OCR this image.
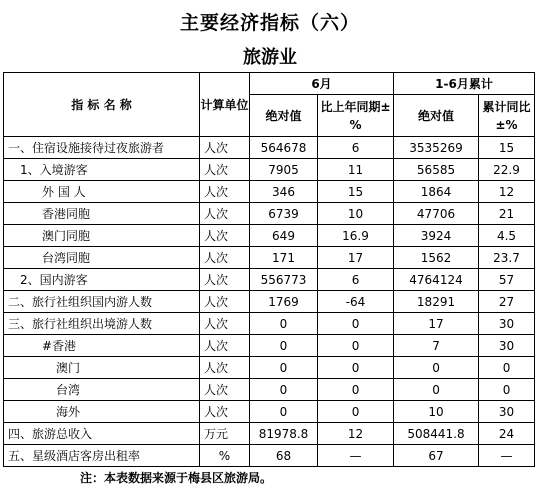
主要经济指标（六）
旅游业
指 标 名 称	计算单位	6月		1-6月累计	
		绝对值	比上年同期±%	绝对值	累计同比±%
一、住宿设施接待过夜旅游者	人次	564678	6	3535269	15
1、入境游客	人次	7905	11	56585	22.9
外 国 人	人次	346	15	1864	12
香港同胞	人次	6739	10	47706	21
澳门同胞	人次	649	16.9	3924	4.5
台湾同胞	人次	171	17	1562	23.7
2、国内游客	人次	556773	6	4764124	57
二、旅行社组织国内游人数	人次	1769	-64	18291	27
三、旅行社组织出境游人数	人次	0	0	17	30
#香港	人次	0	0	7	30
澳门	人次	0	0	0	0
台湾	人次	0	0	0	0
海外	人次	0	0	10	30
四、旅游总收入	万元	81978.8	12	508441.8	24
五、星级酒店客房出租率	%	68	—	67	—
注：本表数据来源于梅县区旅游局。
